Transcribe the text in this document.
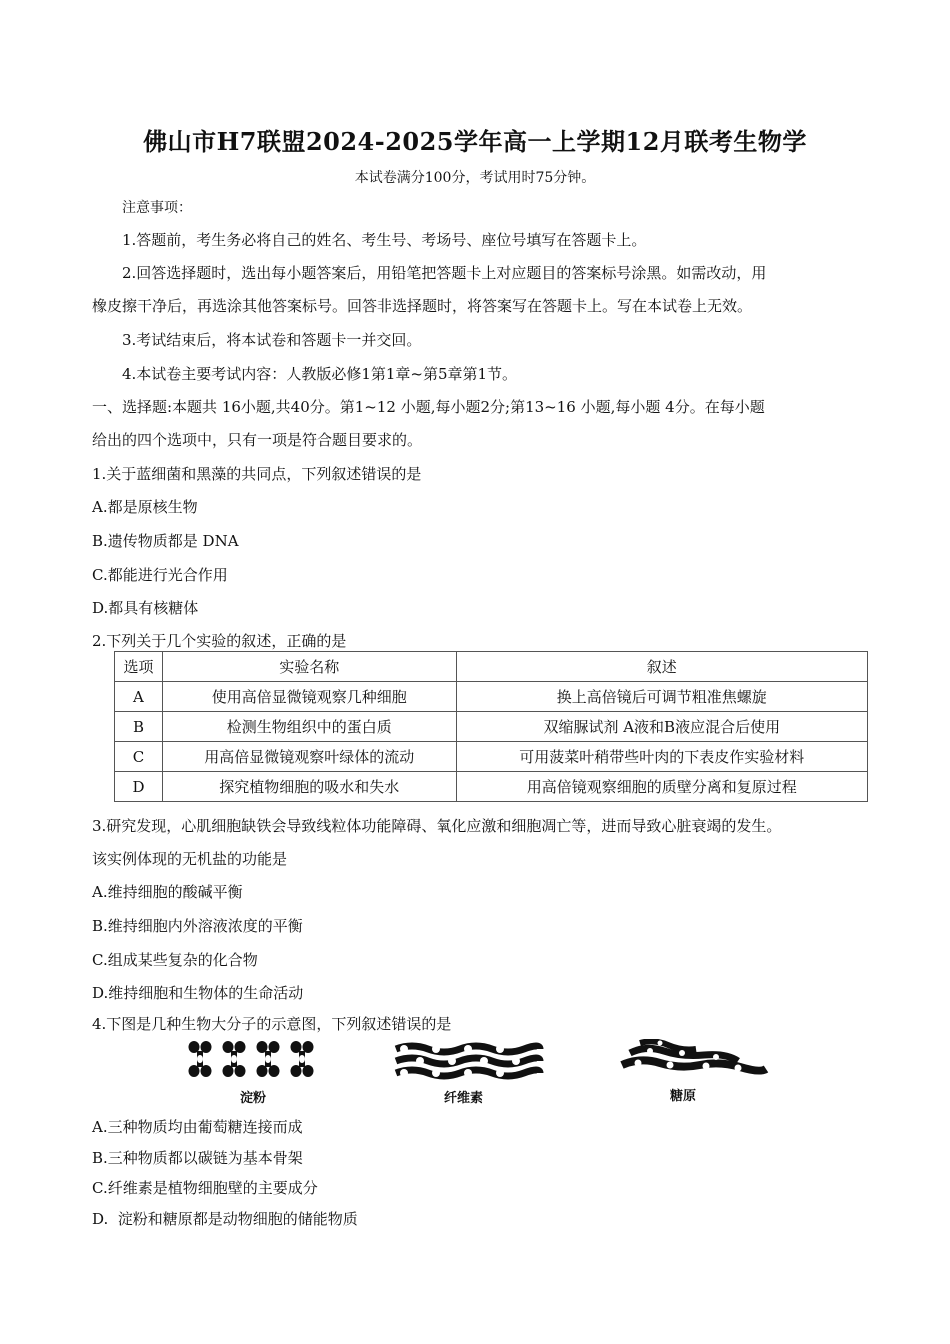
佛山市H7联盟2024-2025学年高一上学期12月联考生物学
本试卷满分100分，考试用时75分钟。
注意事项：
1.答题前，考生务必将自己的姓名、考生号、考场号、座位号填写在答题卡上。
2.回答选择题时，选出每小题答案后，用铅笔把答题卡上对应题目的答案标号涂黑。如需改动，用
橡皮擦干净后，再选涂其他答案标号。回答非选择题时，将答案写在答题卡上。写在本试卷上无效。
3.考试结束后，将本试卷和答题卡一并交回。
4.本试卷主要考试内容：人教版必修1第1章~第5章第1节。
一、选择题:本题共 16小题,共40分。第1~12 小题,每小题2分;第13~16 小题,每小题 4分。在每小题
给出的四个选项中，只有一项是符合题目要求的。
1.关于蓝细菌和黑藻的共同点，下列叙述错误的是
A.都是原核生物
B.遗传物质都是 DNA
C.都能进行光合作用
D.都具有核糖体
2.下列关于几个实验的叙述，正确的是
选项	实验名称	叙述
A	使用高倍显微镜观察几种细胞	换上高倍镜后可调节粗准焦螺旋
B	检测生物组织中的蛋白质	双缩脲试剂 A液和B液应混合后使用
C	用高倍显微镜观察叶绿体的流动	可用菠菜叶稍带些叶肉的下表皮作实验材料
D	探究植物细胞的吸水和失水	用高倍镜观察细胞的质壁分离和复原过程
3.研究发现，心肌细胞缺铁会导致线粒体功能障碍、氧化应激和细胞凋亡等，进而导致心脏衰竭的发生。
该实例体现的无机盐的功能是
A.维持细胞的酸碱平衡
B.维持细胞内外溶液浓度的平衡
C.组成某些复杂的化合物
D.维持细胞和生物体的生命活动
4.下图是几种生物大分子的示意图，下列叙述错误的是
淀粉	纤维素	糖原
A.三种物质均由葡萄糖连接而成
B.三种物质都以碳链为基本骨架
C.纤维素是植物细胞壁的主要成分
D.  淀粉和糖原都是动物细胞的储能物质
